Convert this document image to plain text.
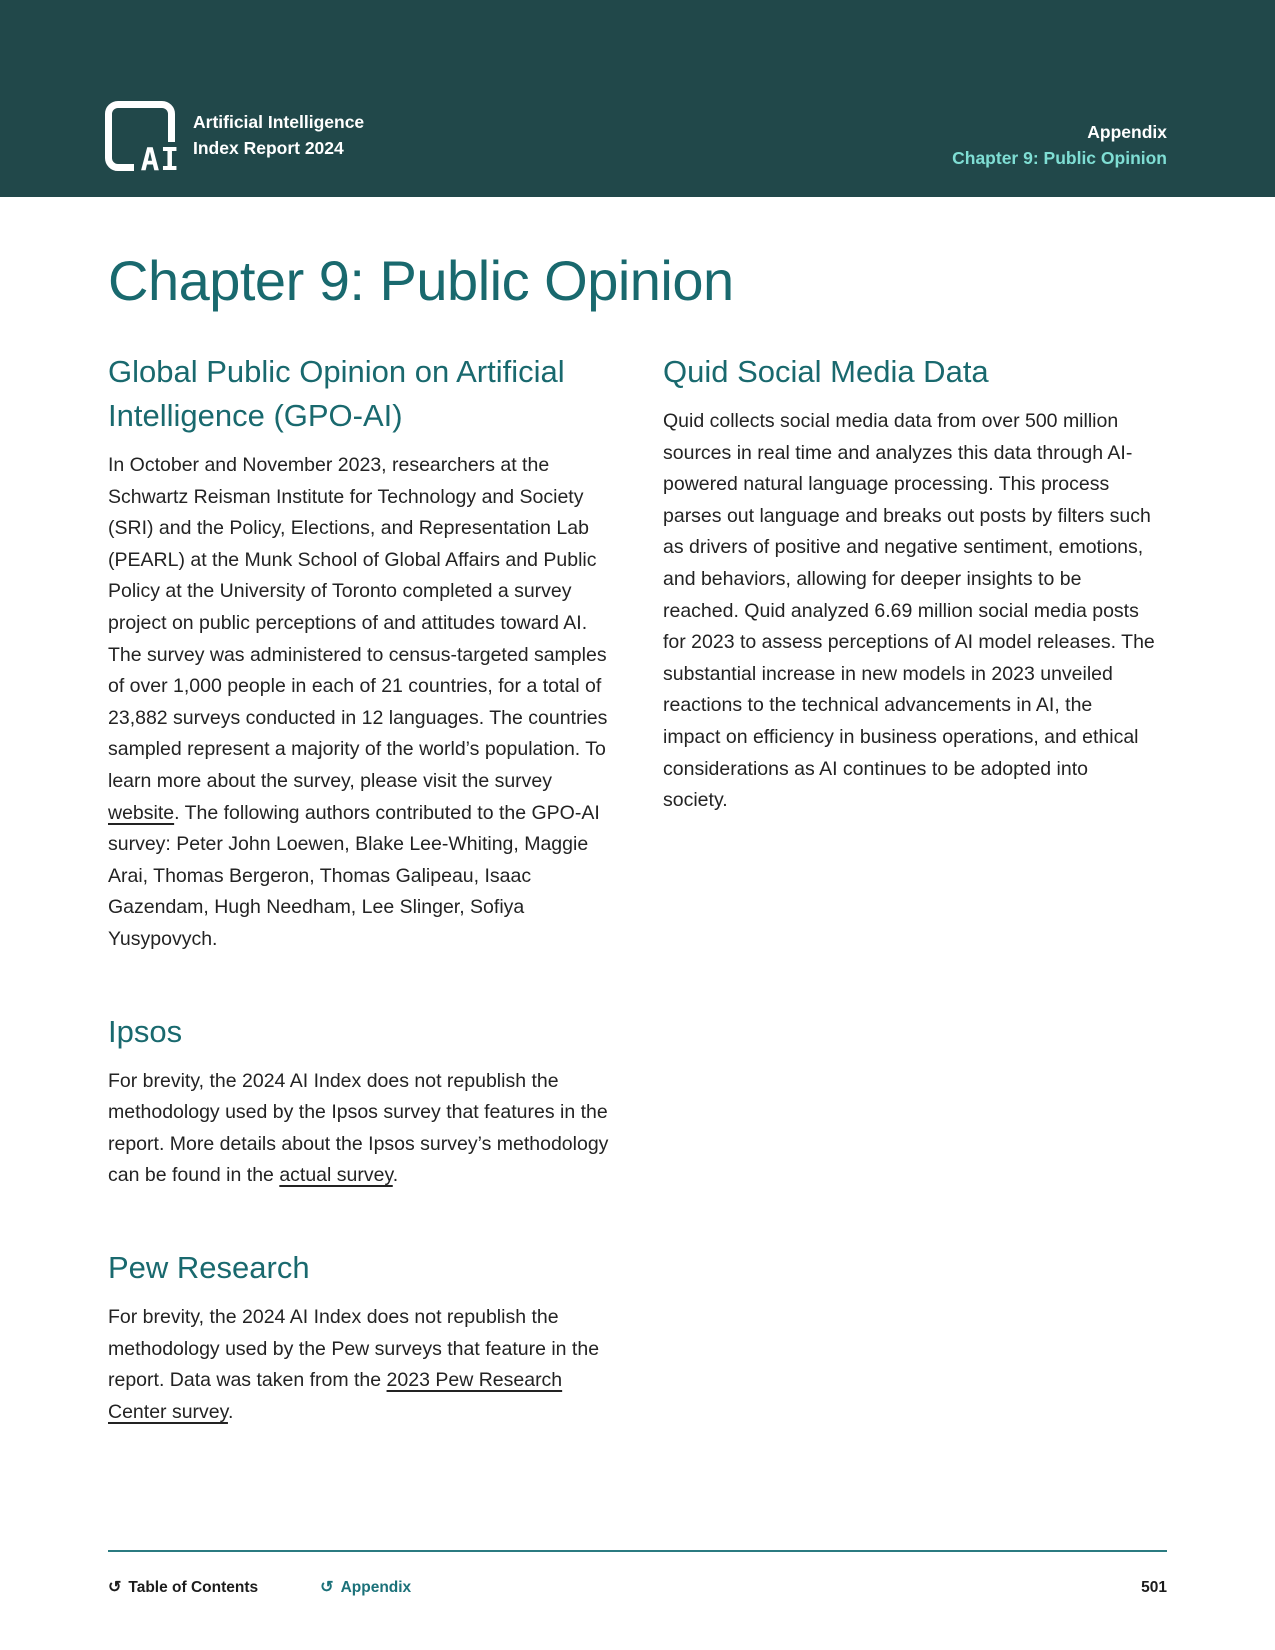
AI
Artificial Intelligence
Index Report 2024
Appendix
Chapter 9: Public Opinion
Chapter 9: Public Opinion
Global Public Opinion on Artificial Intelligence (GPO-AI)

In October and November 2023, researchers at the Schwartz Reisman Institute for Technology and Society (SRI) and the Policy, Elections, and Representation Lab (PEARL) at the Munk School of Global Affairs and Public Policy at the University of Toronto completed a survey project on public perceptions of and attitudes toward AI. The survey was administered to census-targeted samples of over 1,000 people in each of 21 countries, for a total of 23,882 surveys conducted in 12 languages. The countries sampled represent a majority of the world’s population. To learn more about the survey, please visit the survey website. The following authors contributed to the GPO-AI survey: Peter John Loewen, Blake Lee-Whiting, Maggie Arai, Thomas Bergeron, Thomas Galipeau, Isaac Gazendam, Hugh Needham, Lee Slinger, Sofiya Yusypovych.

Ipsos

For brevity, the 2024 AI Index does not republish the methodology used by the Ipsos survey that features in the report. More details about the Ipsos survey’s methodology can be found in the actual survey.

Pew Research

For brevity, the 2024 AI Index does not republish the methodology used by the Pew surveys that feature in the report. Data was taken from the 2023 Pew Research Center survey.

Quid Social Media Data

Quid collects social media data from over 500 million sources in real time and analyzes this data through AI-powered natural language processing. This process parses out language and breaks out posts by filters such as drivers of positive and negative sentiment, emotions, and behaviors, allowing for deeper insights to be reached. Quid analyzed 6.69 million social media posts for 2023 to assess perceptions of AI model releases. The substantial increase in new models in 2023 unveiled reactions to the technical advancements in AI, the impact on efficiency in business operations, and ethical considerations as AI continues to be adopted into society.

↺ Table of Contents	↺ Appendix	501
